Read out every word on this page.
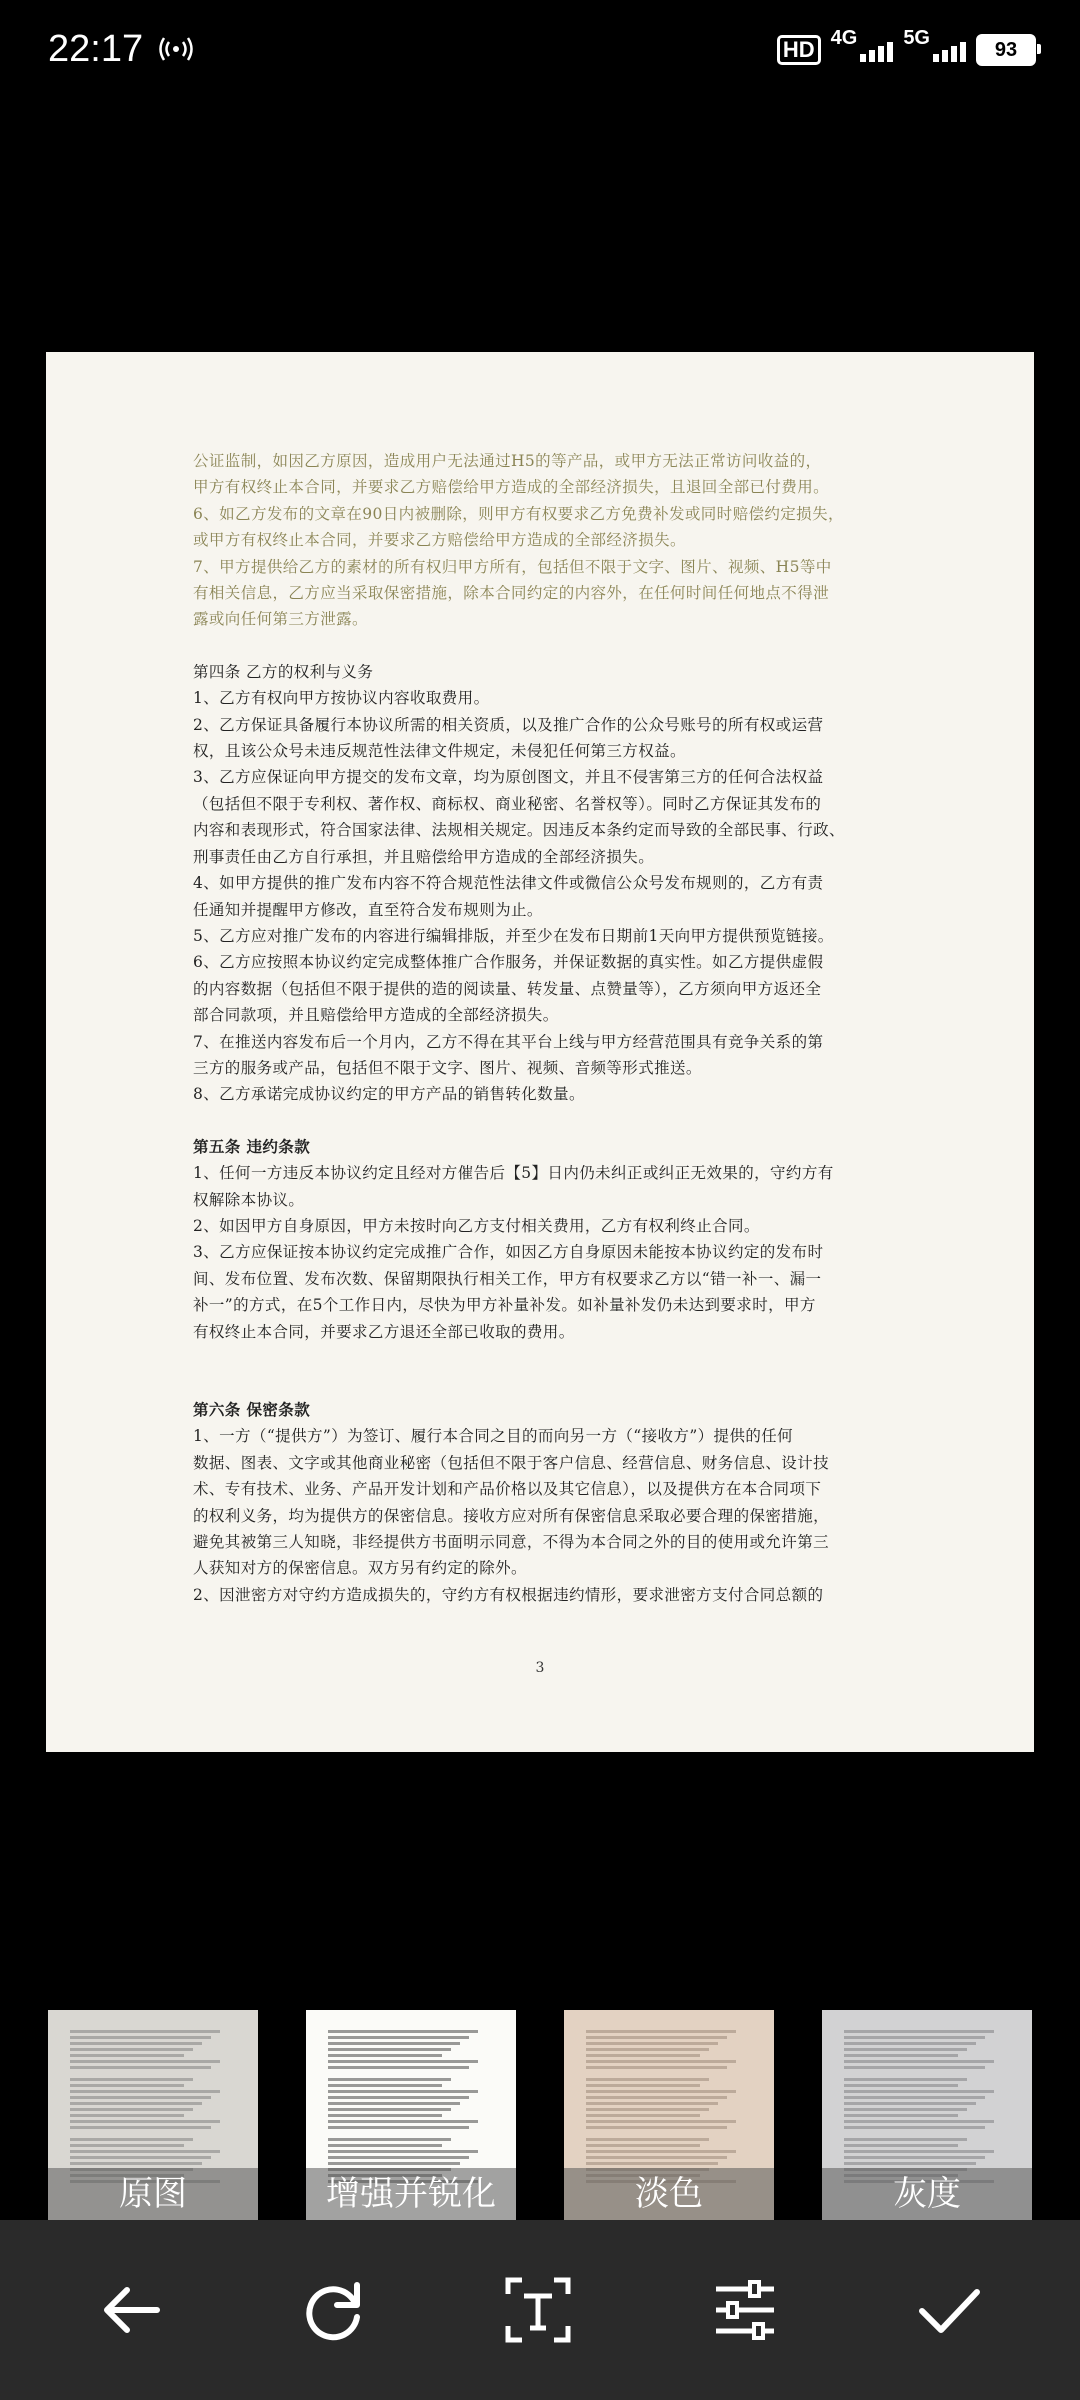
22:17	HD 4G 5G
93

公证监制，如因乙方原因，造成用户无法通过H5的等产品，或甲方无法正常访问收益的，

甲方有权终止本合同，并要求乙方赔偿给甲方造成的全部经济损失，且退回全部已付费用。

6、如乙方发布的文章在90日内被删除，则甲方有权要求乙方免费补发或同时赔偿约定损失，

或甲方有权终止本合同，并要求乙方赔偿给甲方造成的全部经济损失。

7、甲方提供给乙方的素材的所有权归甲方所有，包括但不限于文字、图片、视频、H5等中

有相关信息，乙方应当采取保密措施，除本合同约定的内容外，在任何时间任何地点不得泄

露或向任何第三方泄露。

第四条 乙方的权利与义务

1、乙方有权向甲方按协议内容收取费用。

2、乙方保证具备履行本协议所需的相关资质，以及推广合作的公众号账号的所有权或运营

权，且该公众号未违反规范性法律文件规定，未侵犯任何第三方权益。

3、乙方应保证向甲方提交的发布文章，均为原创图文，并且不侵害第三方的任何合法权益

（包括但不限于专利权、著作权、商标权、商业秘密、名誉权等）。同时乙方保证其发布的

内容和表现形式，符合国家法律、法规相关规定。因违反本条约定而导致的全部民事、行政、

刑事责任由乙方自行承担，并且赔偿给甲方造成的全部经济损失。

4、如甲方提供的推广发布内容不符合规范性法律文件或微信公众号发布规则的，乙方有责

任通知并提醒甲方修改，直至符合发布规则为止。

5、乙方应对推广发布的内容进行编辑排版，并至少在发布日期前1天向甲方提供预览链接。

6、乙方应按照本协议约定完成整体推广合作服务，并保证数据的真实性。如乙方提供虚假

的内容数据（包括但不限于提供的造的阅读量、转发量、点赞量等），乙方须向甲方返还全

部合同款项，并且赔偿给甲方造成的全部经济损失。

7、在推送内容发布后一个月内，乙方不得在其平台上线与甲方经营范围具有竞争关系的第

三方的服务或产品，包括但不限于文字、图片、视频、音频等形式推送。

8、乙方承诺完成协议约定的甲方产品的销售转化数量。

第五条 违约条款

1、任何一方违反本协议约定且经对方催告后【5】日内仍未纠正或纠正无效果的，守约方有

权解除本协议。

2、如因甲方自身原因，甲方未按时向乙方支付相关费用，乙方有权利终止合同。

3、乙方应保证按本协议约定完成推广合作，如因乙方自身原因未能按本协议约定的发布时

间、发布位置、发布次数、保留期限执行相关工作，甲方有权要求乙方以“错一补一、漏一

补一”的方式，在5个工作日内，尽快为甲方补量补发。如补量补发仍未达到要求时，甲方

有权终止本合同，并要求乙方退还全部已收取的费用。

第六条 保密条款

1、一方（“提供方”）为签订、履行本合同之目的而向另一方（“接收方”）提供的任何

数据、图表、文字或其他商业秘密（包括但不限于客户信息、经营信息、财务信息、设计技

术、专有技术、业务、产品开发计划和产品价格以及其它信息），以及提供方在本合同项下

的权利义务，均为提供方的保密信息。接收方应对所有保密信息采取必要合理的保密措施，

避免其被第三人知晓，非经提供方书面明示同意，不得为本合同之外的目的使用或允许第三

人获知对方的保密信息。双方另有约定的除外。

2、因泄密方对守约方造成损失的，守约方有权根据违约情形，要求泄密方支付合同总额的

3
原图	增强并锐化	淡色	灰度
